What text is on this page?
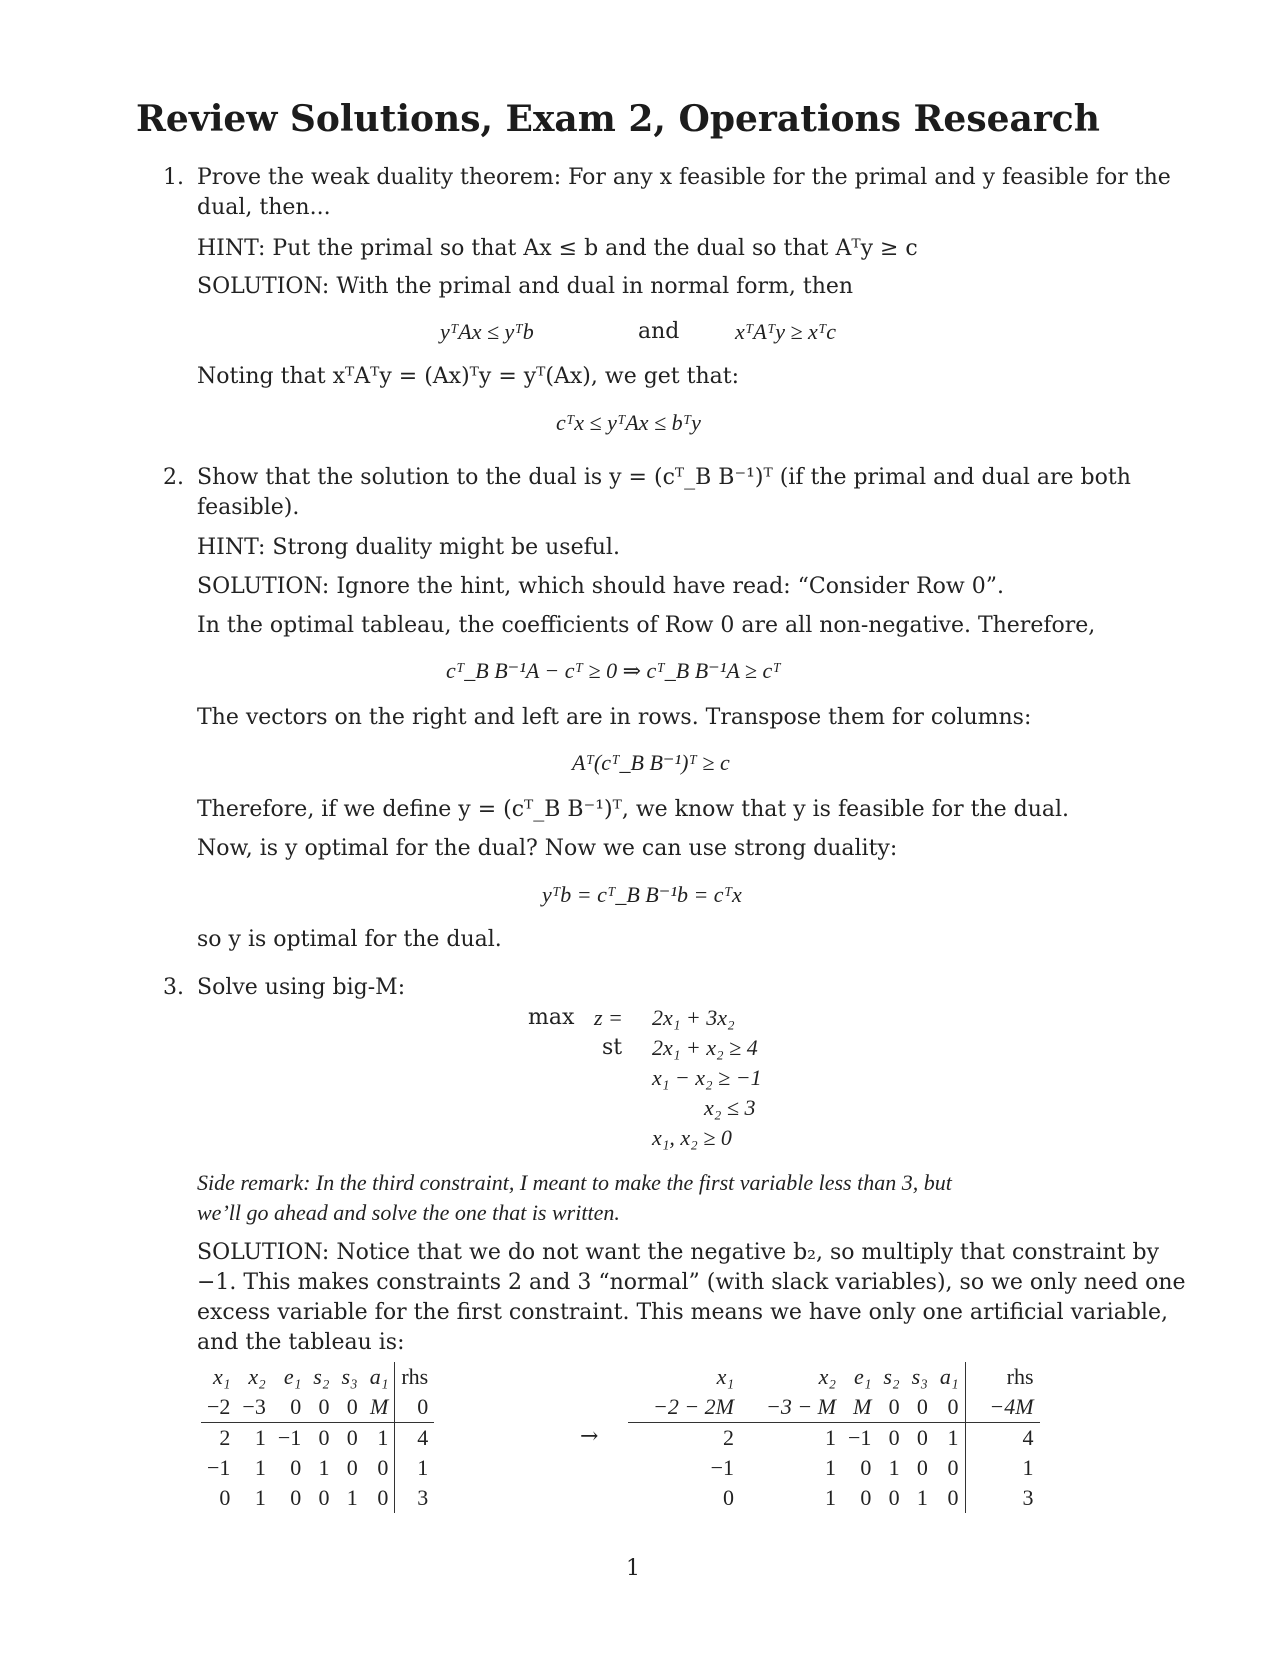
Review Solutions, Exam 2, Operations Research
1. Prove the weak duality theorem: For any x feasible for the primal and y feasible for the
dual, then...
HINT: Put the primal so that Ax ≤ b and the dual so that Aᵀy ≥ c
SOLUTION: With the primal and dual in normal form, then
yᵀAx ≤ yᵀb	and	xᵀAᵀy ≥ xᵀc
Noting that xᵀAᵀy = (Ax)ᵀy = yᵀ(Ax), we get that:
cᵀx ≤ yᵀAx ≤ bᵀy
2. Show that the solution to the dual is y = (cᵀ_B B⁻¹)ᵀ (if the primal and dual are both
feasible).
HINT: Strong duality might be useful.
SOLUTION: Ignore the hint, which should have read: “Consider Row 0”.
In the optimal tableau, the coefficients of Row 0 are all non-negative. Therefore,
cᵀ_B B⁻¹A − cᵀ ≥ 0 ⇒ cᵀ_B B⁻¹A ≥ cᵀ
The vectors on the right and left are in rows. Transpose them for columns:
Aᵀ(cᵀ_B B⁻¹)ᵀ ≥ c
Therefore, if we define y = (cᵀ_B B⁻¹)ᵀ, we know that y is feasible for the dual.
Now, is y optimal for the dual? Now we can use strong duality:
yᵀb = cᵀ_B B⁻¹b = cᵀx
so y is optimal for the dual.
3. Solve using big-M:
max z = 2x₁ + 3x₂
st 2x₁ + x₂ ≥ 4
x₁ − x₂ ≥ −1
x₂ ≤ 3
x₁, x₂ ≥ 0
Side remark: In the third constraint, I meant to make the first variable less than 3, but
we’ll go ahead and solve the one that is written.
SOLUTION: Notice that we do not want the negative b₂, so multiply that constraint by
−1. This makes constraints 2 and 3 “normal” (with slack variables), so we only need one
excess variable for the first constraint. This means we have only one artificial variable,
and the tableau is:
x₁	x₂	e₁	s₂	s₃	a₁	rhs
−2	−3	0	0	0	M	0
2	1	−1	0	0	1	4
−1	1	0	1	0	0	1
0	1	0	0	1	0	3
→
x₁	x₂	e₁	s₂	s₃	a₁	rhs
−2 − 2M	−3 − M	M	0	0	0	−4M
2	1	−1	0	0	1	4
−1	1	0	1	0	0	1
0	1	0	0	1	0	3
1
